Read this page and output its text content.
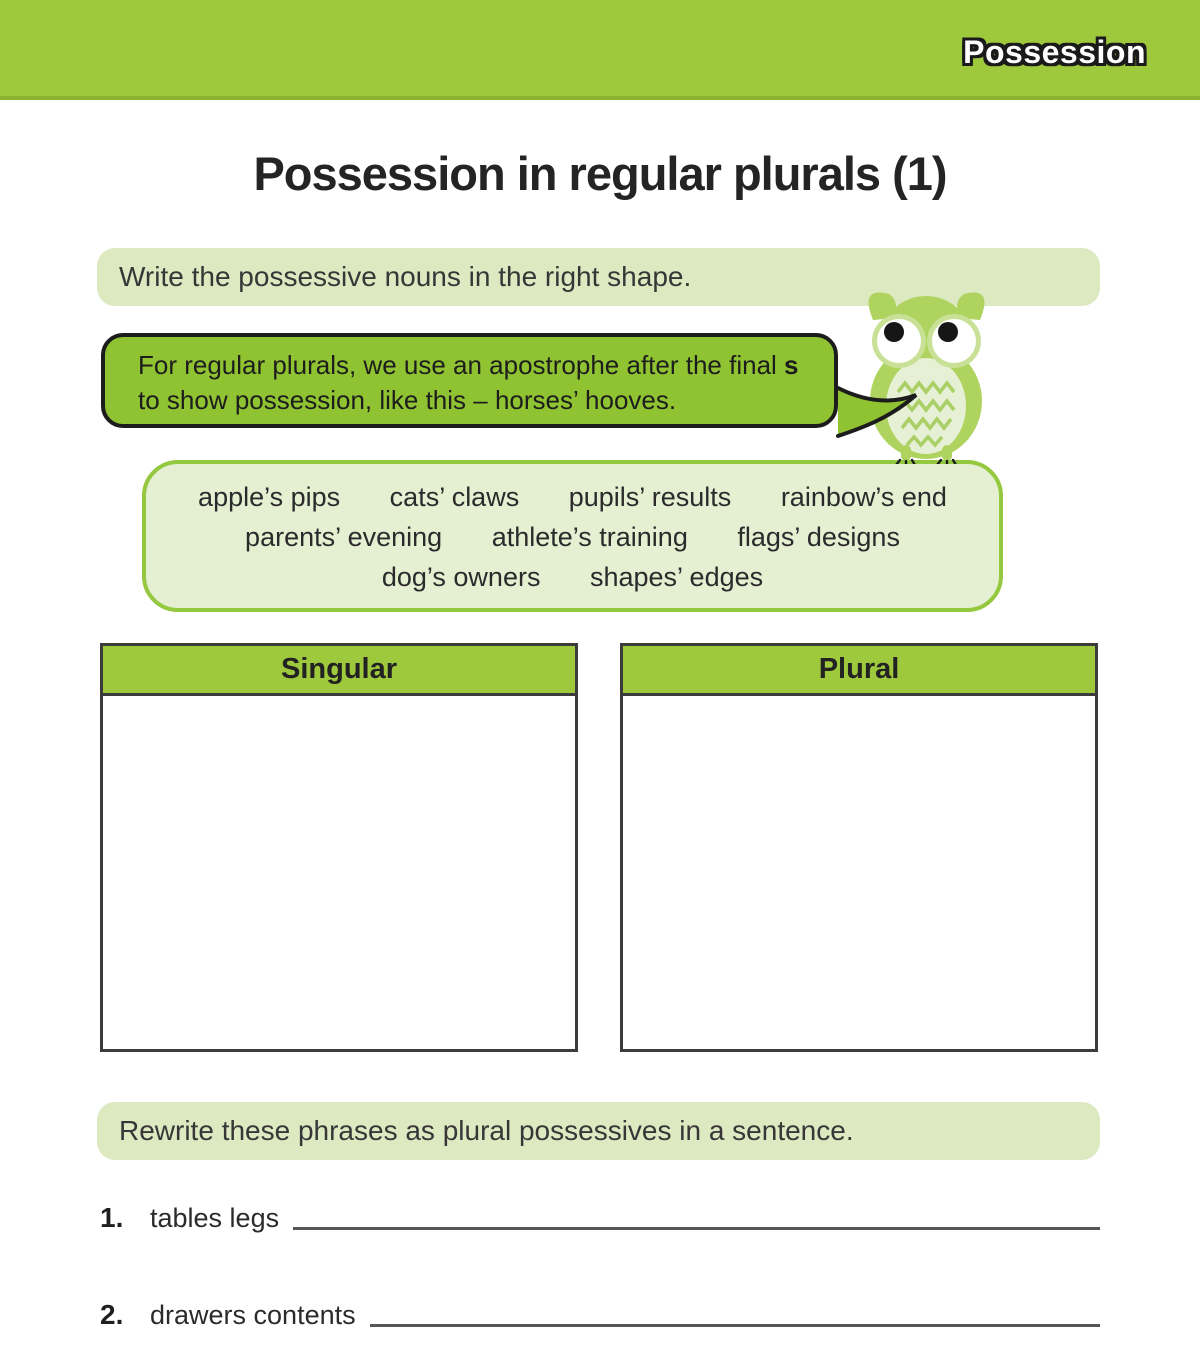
Possession
Possession in regular plurals (1)
Write the possessive nouns in the right shape.
For regular plurals, we use an apostrophe after the final s
to show possession, like this – horses’ hooves.
apple’s pips cats’ claws pupils’ results rainbow’s end
parents’ evening athlete’s training flags’ designs
dog’s owners shapes’ edges
Singular	Plural
Rewrite these phrases as plural possessives in a sentence.
1. tables legs
2. drawers contents
